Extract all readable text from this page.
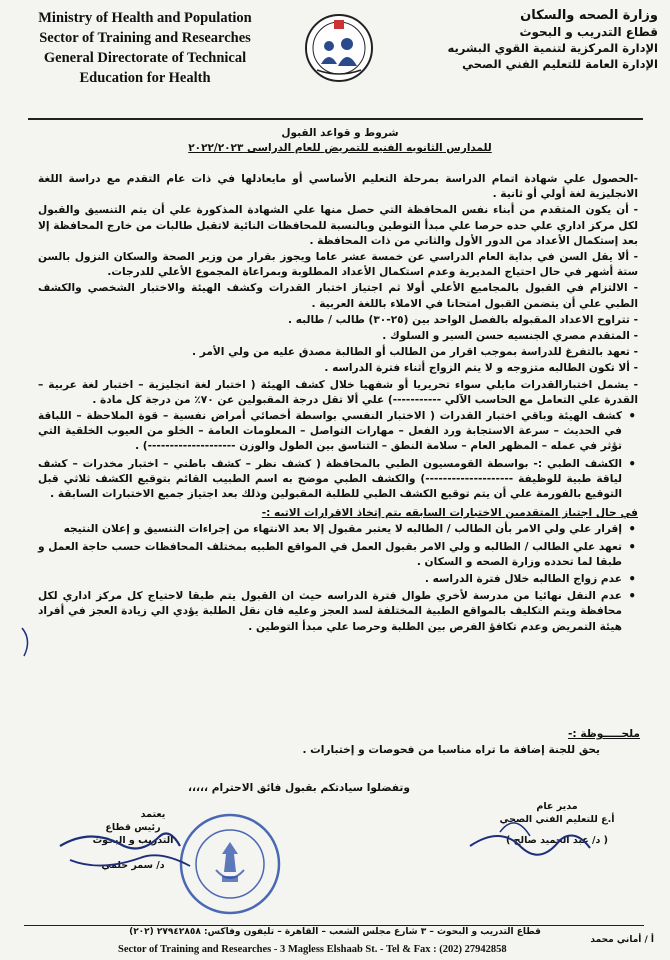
Ministry of Health and Population
Sector of Training and Researches
General Directorate of Technical
Education for Health
وزارة الصحه والسكان
قطاع التدريب و البحوث
الإدارة المركزية لتنمية القوي البشريه
الإدارة العامة للتعليم الفني الصحي
شروط و قواعد القبول
للمدارس الثانويه الفنيه للتمريض للعام الدراسى ٢٠٢٢/٢٠٢٣

-الحصول علي شهادة اتمام الدراسة بمرحلة التعليم الأساسي أو مايعادلها في ذات عام التقدم مع دراسة اللغة الانجليزية لغة أولي أو ثانية .

- أن يكون المتقدم من أبناء نفس المحافظة التي حصل منها علي الشهادة المذكورة علي أن يتم التنسيق والقبول لكل مركز اداري علي حده حرصا علي مبدأ التوطين وبالنسبة للمحافظات النائية لاتقبل طالبات من خارج المحافظة إلا بعد إستكمال الأعداد من الدور الأول والثاني من ذات المحافظة .

- ألا يقل السن في بداية العام الدراسي عن خمسة عشر عاما ويجوز بقرار من وزير الصحة والسكان النزول بالسن ستة أشهر في حال احتياج المديرية وعدم استكمال الأعداد المطلوبة وبمراعاة المجموع الأعلي للدرجات.

- الالتزام في القبول بالمجاميع الأعلي أولا ثم اجتياز اختبار القدرات وكشف الهيئة والاختبار الشخصي والكشف الطبي علي أن يتضمن القبول امتحانا في الاملاء باللغة العربية .

- تتراوح الاعداد المقبوله بالفصل الواحد بين (٢٥-٣٠) طالب / طالبه .

- المتقدم مصري الجنسيه حسن السير و السلوك .

- تعهد بالتفرغ للدراسة بموجب اقرار من الطالب أو الطالبة مصدق عليه من ولي الأمر .

- ألا تكون الطالبه متزوجه و لا يتم الزواج أثناء فترة الدراسه .

- يشمل اختبارالقدرات مايلي سواء تحريريا أو شفهيا خلال كشف الهيئة ( اختبار لغة انجليزية – اختبار لغة عربية – القدرة علي التعامل مع الحاسب الآلي -----------) علي ألا تقل درجة المقبولين عن ٧٠٪ من درجة كل مادة .

• كشف الهيئة وباقي اختبار القدرات ( الاختبار النفسي بواسطة أخصائي أمراض نفسية – قوة الملاحظة – اللباقة في الحديث – سرعة الاستجابة ورد الفعل – مهارات التواصل – المعلومات العامة – الخلو من العيوب الخلقية التي تؤثر في عمله – المظهر العام – سلامة النطق – التناسق بين الطول والوزن --------------------) .
• الكشف الطبي :- بواسطة القومسيون الطبي بالمحافظة ( كشف نظر – كشف باطني – اختبار مخدرات – كشف لياقة طبية للوظيفة --------------------) والكشف الطبي موضح به اسم الطبيب القائم بتوقيع الكشف ثلاثي قبل التوقيع بالفورمة علي أن يتم توقيع الكشف الطبي للطلبة المقبولين وذلك بعد اجتياز جميع الاختبارات السابقة .

في حال اجتياز المتقدمين الاختبارات السابقه يتم إتخاذ الاقرارات الاتيه :-

• إقرار علي ولي الامر بأن الطالب / الطالبه لا يعتبر مقبول إلا بعد الانتهاء من إجراءات التنسيق و إعلان النتيجه
• تعهد علي الطالب / الطالبه و ولي الامر بقبول العمل في المواقع الطبيه بمختلف المحافظات حسب حاجة العمل و طبقا لما تحدده وزارة الصحه و السكان .
• عدم زواج الطالبه خلال فترة الدراسه .
• عدم النقل نهائيا من مدرسة لأخري طوال فترة الدراسه حيث ان القبول يتم طبقا لاحتياج كل مركز اداري لكل محافظة ويتم التكليف بالمواقع الطبية المختلفة لسد العجز وعليه فان نقل الطلبة يؤدي الي زيادة العجز في أفراد هيئة التمريض وعدم تكافؤ الفرص بين الطلبة وحرصا علي مبدأ التوطين .
ملحـــــوظة :-
يحق للجنة إضافة ما تراه مناسبا من فحوصات و إختبارات .
وتفضلوا سيادتكم بقبول فائق الاحترام ،،،،،
مدير عام
أ.ع للتعليم الفني الصحي
( د/ عبد الحميد صالح )
يعتمد
رئيس قطاع
التدريب و البحوث
د/ سمر حلمي
قطاع التدريب و البحوث – ٣ شارع مجلس الشعب – القاهرة – تليفون وفاكس: ٢٧٩٤٢٨٥٨ (٢٠٢)
Sector of Training and Researches - 3 Magless Elshaab St. - Tel & Fax : (202) 27942858
أ / أماني محمد
